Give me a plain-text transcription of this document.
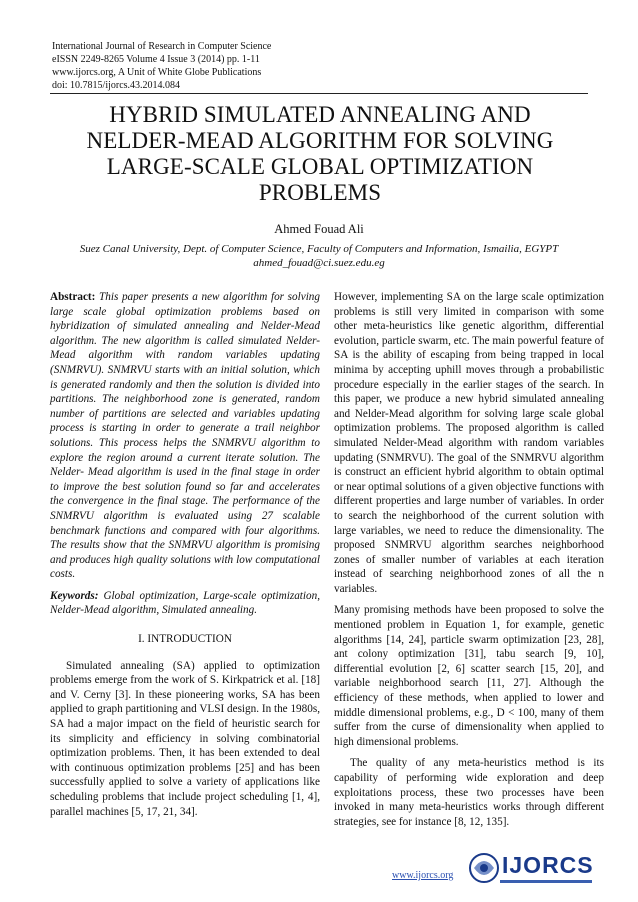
International Journal of Research in Computer Science
eISSN 2249-8265 Volume 4 Issue 3 (2014) pp. 1-11
www.ijorcs.org, A Unit of White Globe Publications
doi: 10.7815/ijorcs.43.2014.084
HYBRID SIMULATED ANNEALING AND
NELDER-MEAD ALGORITHM FOR SOLVING
LARGE-SCALE GLOBAL OPTIMIZATION
PROBLEMS
Ahmed Fouad Ali
Suez Canal University, Dept. of Computer Science, Faculty of Computers and Information, Ismailia, EGYPT
ahmed_fouad@ci.suez.edu.eg

Abstract: This paper presents a new algorithm for solving large scale global optimization problems based on hybridization of simulated annealing and Nelder-Mead algorithm. The new algorithm is called simulated Nelder-Mead algorithm with random variables updating (SNMRVU). SNMRVU starts with an initial solution, which is generated randomly and then the solution is divided into partitions. The neighborhood zone is generated, random number of partitions are selected and variables updating process is starting in order to generate a trail neighbor solutions. This process helps the SNMRVU algorithm to explore the region around a current iterate solution. The Nelder- Mead algorithm is used in the final stage in order to improve the best solution found so far and accelerates the convergence in the final stage. The performance of the SNMRVU algorithm is evaluated using 27 scalable benchmark functions and compared with four algorithms. The results show that the SNMRVU algorithm is promising and produces high quality solutions with low computational costs.

Keywords: Global optimization, Large-scale optimization, Nelder-Mead algorithm, Simulated annealing.

I. INTRODUCTION

Simulated annealing (SA) applied to optimization problems emerge from the work of S. Kirkpatrick et al. [18] and V. Cerny [3]. In these pioneering works, SA has been applied to graph partitioning and VLSI design. In the 1980s, SA had a major impact on the field of heuristic search for its simplicity and efficiency in solving combinatorial optimization problems. Then, it has been extended to deal with continuous optimization problems [25] and has been successfully applied to solve a variety of applications like scheduling problems that include project scheduling [1, 4], parallel machines [5, 17, 21, 34].

However, implementing SA on the large scale optimization problems is still very limited in comparison with some other meta-heuristics like genetic algorithm, differential evolution, particle swarm, etc. The main powerful feature of SA is the ability of escaping from being trapped in local minima by accepting uphill moves through a probabilistic procedure especially in the earlier stages of the search. In this paper, we produce a new hybrid simulated annealing and Nelder-Mead algorithm for solving large scale global optimization problems. The proposed algorithm is called simulated Nelder-Mead algorithm with random variables updating (SNMRVU). The goal of the SNMRVU algorithm is construct an efficient hybrid algorithm to obtain optimal or near optimal solutions of a given objective functions with different properties and large number of variables. In order to search the neighborhood of the current solution with large variables, we need to reduce the dimensionality. The proposed SNMRVU algorithm searches neighborhood zones of smaller number of variables at each iteration instead of searching neighborhood zones of all the n variables.

Many promising methods have been proposed to solve the mentioned problem in Equation 1, for example, genetic algorithms [14, 24], particle swarm optimization [23, 28], ant colony optimization [31], tabu search [9, 10], differential evolution [2, 6] scatter search [15, 20], and variable neighborhood search [11, 27]. Although the efficiency of these methods, when applied to lower and middle dimensional problems, e.g., D < 100, many of them suffer from the curse of dimensionality when applied to high dimensional problems.

The quality of any meta-heuristics method is its capability of performing wide exploration and deep exploitations process, these two processes have been invoked in many meta-heuristics works through different strategies, see for instance [8, 12, 135].

www.ijorcs.org IJORCS
